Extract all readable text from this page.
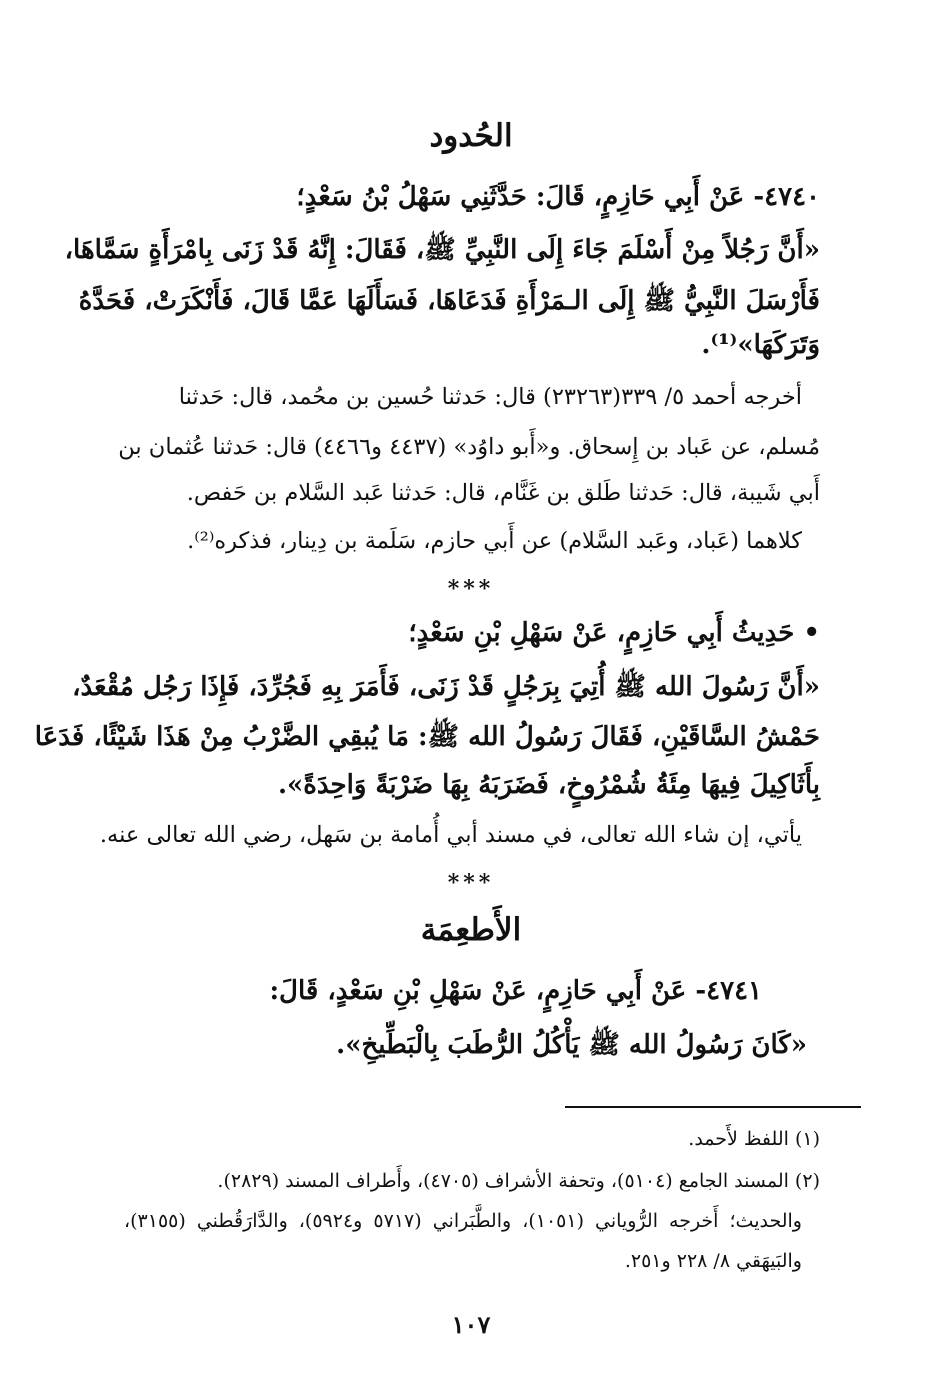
الحُدود
٤٧٤٠- عَنْ أَبِي حَازِمٍ، قَالَ: حَدَّثَنِي سَهْلُ بْنُ سَعْدٍ؛
«أَنَّ رَجُلاً مِنْ أَسْلَمَ جَاءَ إِلَى النَّبِيِّ ﷺ، فَقَالَ: إِنَّهُ قَدْ زَنَى بِامْرَأَةٍ سَمَّاهَا،
فَأَرْسَلَ النَّبِيُّ ﷺ إِلَى الـمَرْأَةِ فَدَعَاهَا، فَسَأَلَهَا عَمَّا قَالَ، فَأَنْكَرَتْ، فَحَدَّهُ
وَتَرَكَهَا»⁽¹⁾.
أخرجه أحمد ٥/ ٣٣٩(٢٣٢٦٣) قال: حَدثنا حُسين بن محُمد، قال: حَدثنا
مُسلم، عن عَباد بن إِسحاق. و«أَبو داوُد» (٤٤٣٧ و٤٤٦٦) قال: حَدثنا عُثمان بن
أَبي شَيبة، قال: حَدثنا طَلق بن غَنَّام، قال: حَدثنا عَبد السَّلام بن حَفص.
كلاهما (عَباد، وعَبد السَّلام) عن أَبي حازم، سَلَمة بن دِينار، فذكره⁽²⁾.
***
• حَدِيثُ أَبِي حَازِمٍ، عَنْ سَهْلِ بْنِ سَعْدٍ؛
«أَنَّ رَسُولَ الله ﷺ أُتِيَ بِرَجُلٍ قَدْ زَنَى، فَأَمَرَ بِهِ فَجُرِّدَ، فَإِذَا رَجُل مُقْعَدٌ،
حَمْشُ السَّاقَيْنِ، فَقَالَ رَسُولُ الله ﷺ: مَا يُبقِي الضَّرْبُ مِنْ هَذَا شَيْئًا، فَدَعَا
بِأَثَاكِيلَ فِيهَا مِئَةُ شُمْرُوخٍ، فَضَرَبَهُ بِهَا ضَرْبَةً وَاحِدَةً».
يأتي، إن شاء الله تعالى، في مسند أبي أُمامة بن سَهل، رضي الله تعالى عنه.
***
الأَطعِمَة
٤٧٤١- عَنْ أَبِي حَازِمٍ، عَنْ سَهْلِ بْنِ سَعْدٍ، قَالَ:
«كَانَ رَسُولُ الله ﷺ يَأْكُلُ الرُّطَبَ بِالْبَطِّيخِ».
(١) اللفظ لأَحمد.
(٢) المسند الجامع (٥١٠٤)، وتحفة الأشراف (٤٧٠٥)، وأَطراف المسند (٢٨٢٩).
والحديث؛ أَخرجه الرُّوياني (١٠٥١)، والطَّبَراني (٥٧١٧ و٥٩٢٤)، والدَّارَقُطني (٣١٥٥)،
والبَيهَقي ٨/ ٢٢٨ و٢٥١.
١٠٧
